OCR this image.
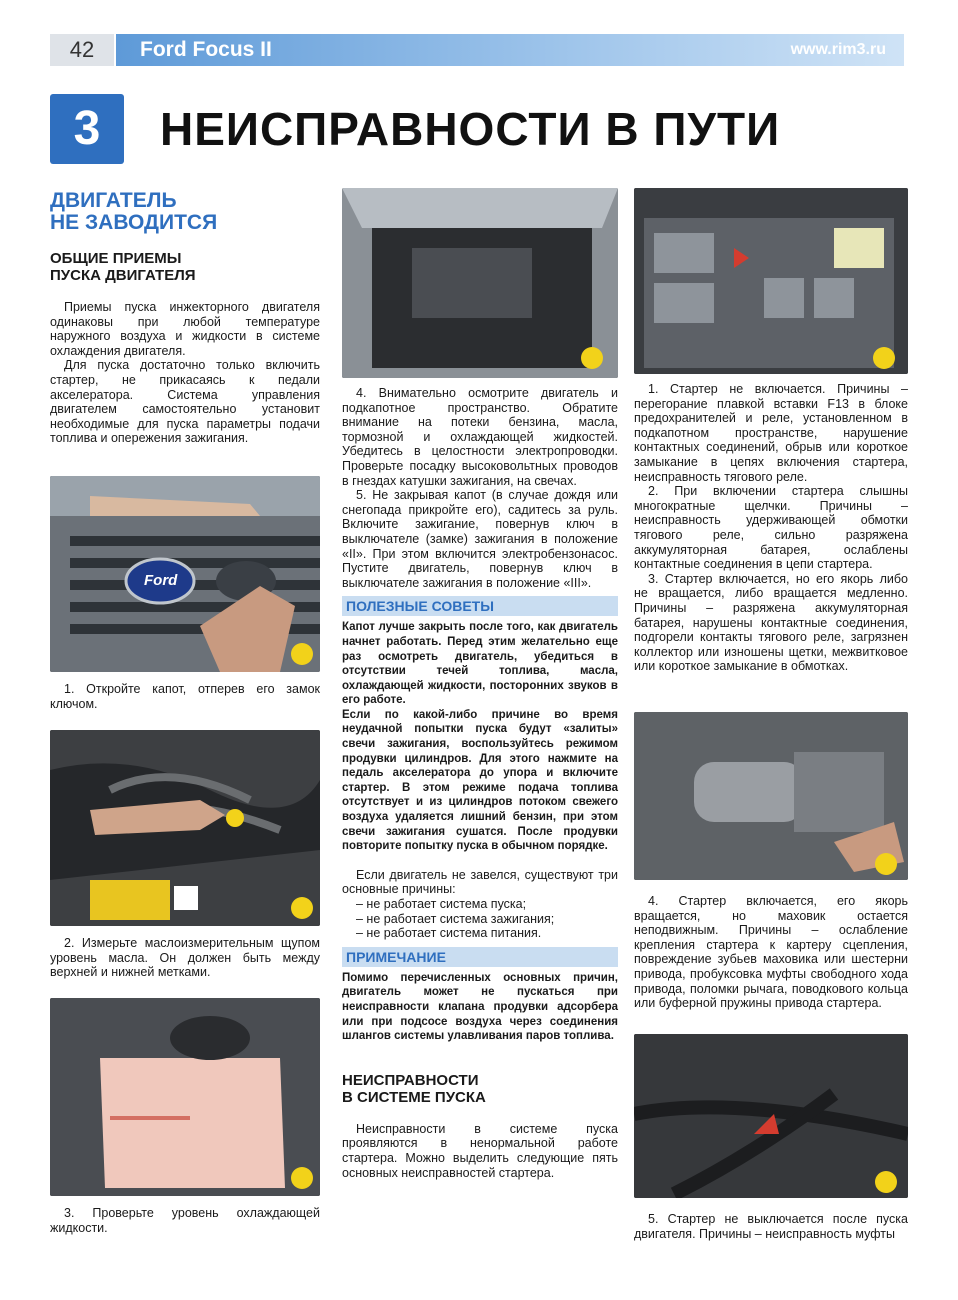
42	Ford Focus II	www.rim3.ru
3	НЕИСПРАВНОСТИ В ПУТИ
ДВИГАТЕЛЬ
НЕ ЗАВОДИТСЯ
ОБЩИЕ ПРИЕМЫ
ПУСКА ДВИГАТЕЛЯ

Приемы пуска инжекторного двигателя одинаковы при любой температуре наружного воздуха и жидкости в системе охлаждения двигателя.

Для пуска достаточно только включить стартер, не прикасаясь к педали акселератора. Система управления двигателем самостоятельно установит необходимые для пуска параметры подачи топлива и опережения зажигания.

Ford

1. Откройте капот, отперев его замок ключом.

2. Измерьте маслоизмерительным щупом уровень масла. Он должен быть между верхней и нижней метками.

3. Проверьте уровень охлаждающей жидкости.

4. Внимательно осмотрите двигатель и подкапотное пространство. Обратите внимание на потеки бензина, масла, тормозной и охлаждающей жидкостей. Убедитесь в целостности электропроводки. Проверьте посадку высоковольтных проводов в гнездах катушки зажигания, на свечах.

5. Не закрывая капот (в случае дождя или снегопада прикройте его), садитесь за руль. Включите зажигание, повернув ключ в выключателе (замке) зажигания в положение «II». При этом включится электробензонасос. Пустите двигатель, повернув ключ в выключателе зажигания в положение «III».

ПОЛЕЗНЫЕ СОВЕТЫ

Капот лучше закрыть после того, как двигатель начнет работать. Перед этим желательно еще раз осмотреть двигатель, убедиться в отсутствии течей топлива, масла, охлаждающей жидкости, посторонних звуков в его работе.

Если по какой-либо причине во время неудачной попытки пуска будут «залиты» свечи зажигания, воспользуйтесь режимом продувки цилиндров. Для этого нажмите на педаль акселератора до упора и включите стартер. В этом режиме подача топлива отсутствует и из цилиндров потоком свежего воздуха удаляется лишний бензин, при этом свечи зажигания сушатся. После продувки повторите попытку пуска в обычном порядке.

Если двигатель не завелся, существуют три основные причины:

– не работает система пуска;
– не работает система зажигания;
– не работает система питания.
ПРИМЕЧАНИЕ

Помимо перечисленных основных причин, двигатель может не пускаться при неисправности клапана продувки адсорбера или при подсосе воздуха через соединения шлангов системы улавливания паров топлива.

НЕИСПРАВНОСТИ
В СИСТЕМЕ ПУСКА

Неисправности в системе пуска проявляются в ненормальной работе стартера. Можно выделить следующие пять основных неисправностей стартера.

1. Стартер не включается. Причины – перегорание плавкой вставки F13 в блоке предохранителей и реле, установленном в подкапотном пространстве, нарушение контактных соединений, обрыв или короткое замыкание в цепях включения стартера, неисправность тягового реле.

2. При включении стартера слышны многократные щелчки. Причины – неисправность удерживающей обмотки тягового реле, сильно разряжена аккумуляторная батарея, ослаблены контактные соединения в цепи стартера.

3. Стартер включается, но его якорь либо не вращается, либо вращается медленно. Причины – разряжена аккумуляторная батарея, нарушены контактные соединения, подгорели контакты тягового реле, загрязнен коллектор или изношены щетки, межвитковое или короткое замыкание в обмотках.

4. Стартер включается, его якорь вращается, но маховик остается неподвижным. Причины – ослабление крепления стартера к картеру сцепления, повреждение зубьев маховика или шестерни привода, пробуксовка муфты свободного хода привода, поломки рычага, поводкового кольца или буферной пружины привода стартера.

5. Стартер не выключается после пуска двигателя. Причины – неисправность муфты
